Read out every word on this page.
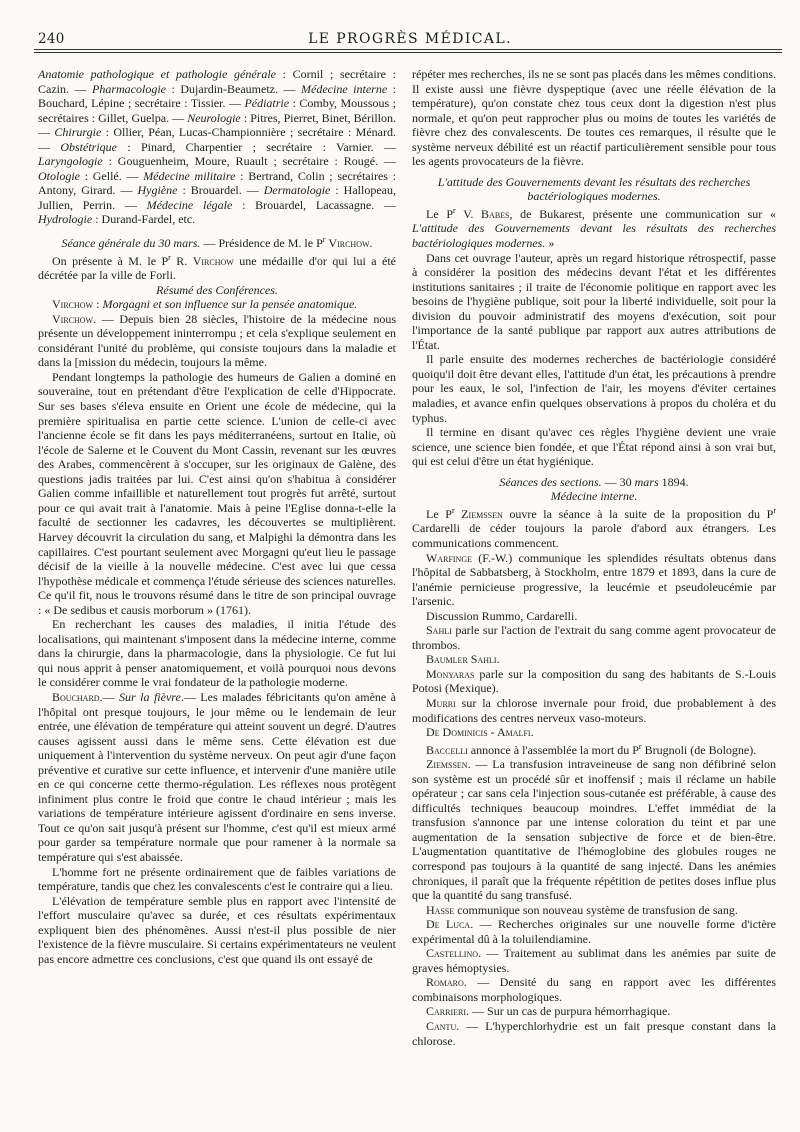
240	LE PROGRÈS MÉDICAL.

Anatomie pathologique et pathologie générale : Cornil ; secrétaire : Cazin. — Pharmacologie : Dujardin-Beaumetz. — Médecine interne : Bouchard, Lépine ; secrétaire : Tissier. — Pédiatrie : Comby, Moussous ; secrétaires : Gillet, Guelpa. — Neurologie : Pitres, Pierret, Binet, Bérillon. — Chirurgie : Ollier, Péan, Lucas-Championnière ; secrétaire : Ménard. — Obstétrique : Pinard, Charpentier ; secrétaire : Varnier. — Laryngologie : Gouguenheim, Moure, Ruault ; secrétaire : Rougé. — Otologie : Gellé. — Médecine militaire : Bertrand, Colin ; secrétaires : Antony, Girard. — Hygiène : Brouardel. — Dermatologie : Hallopeau, Jullien, Perrin. — Médecine légale : Brouardel, Lacassagne. — Hydrologie : Durand-Fardel, etc.

Séance générale du 30 mars. — Présidence de M. le $P^r$ Virchow.

On présente à M. le $P^r$ R. Virchow une médaille d'or qui lui a été décrétée par la ville de Forli.

Résumé des Conférences.

Virchow : Morgagni et son influence sur la pensée anatomique.

Virchow. — Depuis bien 28 siècles, l'histoire de la médecine nous présente un développement ininterrompu ; et cela s'explique seulement en considérant l'unité du problème, qui consiste toujours dans la maladie et dans la [mission du médecin, toujours la même.

Pendant longtemps la pathologie des humeurs de Galien a dominé en souveraine, tout en prétendant d'être l'explication de celle d'Hippocrate. Sur ses bases s'éleva ensuite en Orient une école de médecine, qui la première spiritualisa en partie cette science. L'union de celle-ci avec l'ancienne école se fit dans les pays méditerranéens, surtout en Italie, où l'école de Salerne et le Couvent du Mont Cassin, revenant sur les œuvres des Arabes, commencèrent à s'occuper, sur les originaux de Galène, des questions jadis traitées par lui. C'est ainsi qu'on s'habitua à considérer Galien comme infaillible et naturellement tout progrès fut arrêté, surtout pour ce qui avait trait à l'anatomie. Mais à peine l'Eglise donna-t-elle la faculté de sectionner les cadavres, les découvertes se multiplièrent. Harvey découvrit la circulation du sang, et Malpighi la démontra dans les capillaires. C'est pourtant seulement avec Morgagni qu'eut lieu le passage décisif de la vieille à la nouvelle médecine. C'est avec lui que cessa l'hypothèse médicale et commença l'étude sérieuse des sciences naturelles. Ce qu'il fit, nous le trouvons résumé dans le titre de son principal ouvrage : « De sedibus et causis morborum » (1761).

En recherchant les causes des maladies, il initia l'étude des localisations, qui maintenant s'imposent dans la médecine interne, comme dans la chirurgie, dans la pharmacologie, dans la physiologie. Ce fut lui qui nous apprit à penser anatomiquement, et voilà pourquoi nous devons le considérer comme le vrai fondateur de la pathologie moderne.

Bouchard.— Sur la fièvre.— Les malades fébricitants qu'on amène à l'hôpital ont presque toujours, le jour même ou le lendemain de leur entrée, une élévation de température qui atteint souvent un degré. D'autres causes agissent aussi dans le même sens. Cette élévation est due uniquement à l'intervention du système nerveux. On peut agir d'une façon préventive et curative sur cette influence, et intervenir d'une manière utile en ce qui concerne cette thermo-régulation. Les réflexes nous protègent infiniment plus contre le froid que contre le chaud intérieur ; mais les variations de température intérieure agissent d'ordinaire en sens inverse. Tout ce qu'on sait jusqu'à présent sur l'homme, c'est qu'il est mieux armé pour garder sa température normale que pour ramener à la normale sa température qui s'est abaissée.

L'homme fort ne présente ordinairement que de faibles variations de température, tandis que chez les convalescents c'est le contraire qui a lieu.

L'élévation de température semble plus en rapport avec l'intensité de l'effort musculaire qu'avec sa durée, et ces résultats expérimentaux expliquent bien des phénomènes. Aussi n'est-il plus possible de nier l'existence de la fièvre musculaire. Si certains expérimentateurs ne veulent pas encore admettre ces conclusions, c'est que quand ils ont essayé de

répéter mes recherches, ils ne se sont pas placés dans les mêmes conditions. Il existe aussi une fièvre dyspeptique (avec une réelle élévation de la température), qu'on constate chez tous ceux dont la digestion n'est plus normale, et qu'on peut rapprocher plus ou moins de toutes les variétés de fièvre chez des convalescents. De toutes ces remarques, il résulte que le système nerveux débilité est un réactif particulièrement sensible pour tous les agents provocateurs de la fièvre.

L'attitude des Gouvernements devant les résultats des recherches bactériologiques modernes.

Le $P^r$ V. Babes, de Bukarest, présente une communication sur « L'attitude des Gouvernements devant les résultats des recherches bactériologiques modernes. »

Dans cet ouvrage l'auteur, après un regard historique rétrospectif, passe à considérer la position des médecins devant l'état et les différentes institutions sanitaires ; il traite de l'économie politique en rapport avec les besoins de l'hygiène publique, soit pour la liberté individuelle, soit pour la division du pouvoir administratif des moyens d'exécution, soit pour l'importance de la santé publique par rapport aux autres attributions de l'État.

Il parle ensuite des modernes recherches de bactériologie considéré quoiqu'il doit être devant elles, l'attitude d'un état, les précautions à prendre pour les eaux, le sol, l'infection de l'air, les moyens d'éviter certaines maladies, et avance enfin quelques observations à propos du choléra et du typhus.

Il termine en disant qu'avec ces règles l'hygiène devient une vraie science, une science bien fondée, et que l'État répond ainsi à son vrai but, qui est celui d'être un état hygiénique.

Séances des sections. — 30 mars 1894.

Médecine interne.

Le $P^r$ Ziemssen ouvre la séance à la suite de la proposition du $P^r$ Cardarelli de céder toujours la parole d'abord aux étrangers. Les communications commencent.

Warfinge (F.-W.) communique les splendides résultats obtenus dans l'hôpital de Sabbatsberg, à Stockholm, entre 1879 et 1893, dans la cure de l'anémie pernicieuse progressive, la leucémie et pseudoleucémie par l'arsenic.

Discussion Rummo, Cardarelli.

Sahli parle sur l'action de l'extrait du sang comme agent provocateur de thrombos.

Baumler Sahli.

Monyaras parle sur la composition du sang des habitants de S.-Louis Potosi (Mexique).

Murri sur la chlorose invernale pour froid, due probablement à des modifications des centres nerveux vaso-moteurs.

De Dominicis - Amalfi.

Baccelli annonce à l'assemblée la mort du $P^r$ Brugnoli (de Bologne).

Ziemssen. — La transfusion intraveineuse de sang non défibriné selon son système est un procédé sûr et inoffensif ; mais il réclame un habile opérateur ; car sans cela l'injection sous-cutanée est préférable, à cause des difficultés techniques beaucoup moindres. L'effet immédiat de la transfusion s'annonce par une intense coloration du teint et par une augmentation de la sensation subjective de force et de bien-être. L'augmentation quantitative de l'hémoglobine des globules rouges ne correspond pas toujours à la quantité de sang injecté. Dans les anémies chroniques, il paraît que la fréquente répétition de petites doses influe plus que la quantité du sang transfusé.

Hasse communique son nouveau système de transfusion de sang.

De Luca. — Recherches originales sur une nouvelle forme d'ictère expérimental dû à la toluilendiamine.

Castellino. — Traitement au sublimat dans les anémies par suite de graves hémoptysies.

Romaro. — Densité du sang en rapport avec les différentes combinaisons morphologiques.

Carrieri. — Sur un cas de purpura hémorrhagique.

Cantu. — L'hyperchlorhydrie est un fait presque constant dans la chlorose.
